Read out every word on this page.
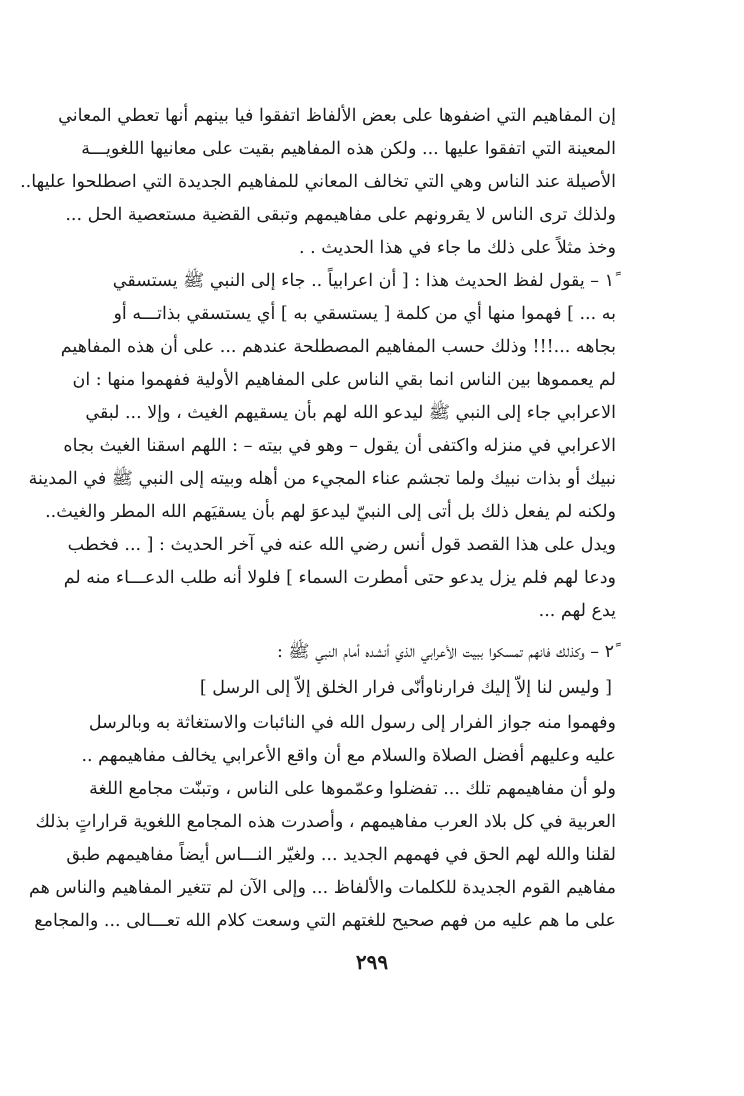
إن المفاهيم التي اضفوها على بعض الألفاظ اتفقوا فيا بينهم أنها تعطي المعاني
المعينة التي اتفقوا عليها ... ولكن هذه المفاهيم بقيت على معانيها اللغويـــة
الأصيلة عند الناس وهي التي تخالف المعاني للمفاهيم الجديدة التي اصطلحوا عليها..
ولذلك ترى الناس لا يقرونهم على مفاهيمهم وتبقى القضية مستعصية الحل ...
وخذ مثلاً على ذلك ما جاء في هذا الحديث . .
١ً – يقول لفظ الحديث هذا : [ أن اعرابياً .. جاء إلى النبي ﷺ يستسقي
به ... ] فهموا منها أي من كلمة [ يستسقي به ] أي يستسقي بذاتـــه أو
بجاهه ...!!! وذلك حسب المفاهيم المصطلحة عندهم ... على أن هذه المفاهيم
لم يعمموها بين الناس انما بقي الناس على المفاهيم الأولية ففهموا منها : ان
الاعرابي جاء إلى النبي ﷺ ليدعو الله لهم بأن يسقيهم الغيث ، وإلا ... لبقي
الاعرابي في منزله واكتفى أن يقول – وهو في بيته – : اللهم اسقنا الغيث بجاه
نبيك أو بذات نبيك ولما تجشم عناء المجيء من أهله وبيته إلى النبي ﷺ في المدينة
ولكنه لم يفعل ذلك بل أتى إلى النبيّ ليدعوَ لهم بأن يسقيَهم الله المطر والغيث..
ويدل على هذا القصد قول أنس رضي الله عنه في آخر الحديث : [ ... فخطب
ودعا لهم فلم يزل يدعو حتى أمطرت السماء ] فلولا أنه طلب الدعـــاء منه لم
يدع لهم ...
٢ً – وكذلك فانهم تمسكوا ببيت الأعرابي الذي أنشده أمام النبي ﷺ :
[ وليس لنا إلاّ إليك فرارنا
وأنّى فرار الخلق إلاّ إلى الرسل ]
وفهموا منه جواز الفرار إلى رسول الله في النائبات والاستغاثة به وبالرسل
عليه وعليهم أفضل الصلاة والسلام مع أن واقع الأعرابي يخالف مفاهيمهم ..
ولو أن مفاهيمهم تلك ... تفضلوا وعمّموها على الناس ، وتبنّت مجامع اللغة
العربية في كل بلاد العرب مفاهيمهم ، وأصدرت هذه المجامع اللغوية قراراتٍ بذلك
لقلنا والله لهم الحق في فهمهم الجديد ... ولغيّر النـــاس أيضاً مفاهيمهم طبق
مفاهيم القوم الجديدة للكلمات والألفاظ ... وإلى الآن لم تتغير المفاهيم والناس هم
على ما هم عليه من فهم صحيح للغتهم التي وسعت كلام الله تعـــالى ... والمجامع
٢٩٩
